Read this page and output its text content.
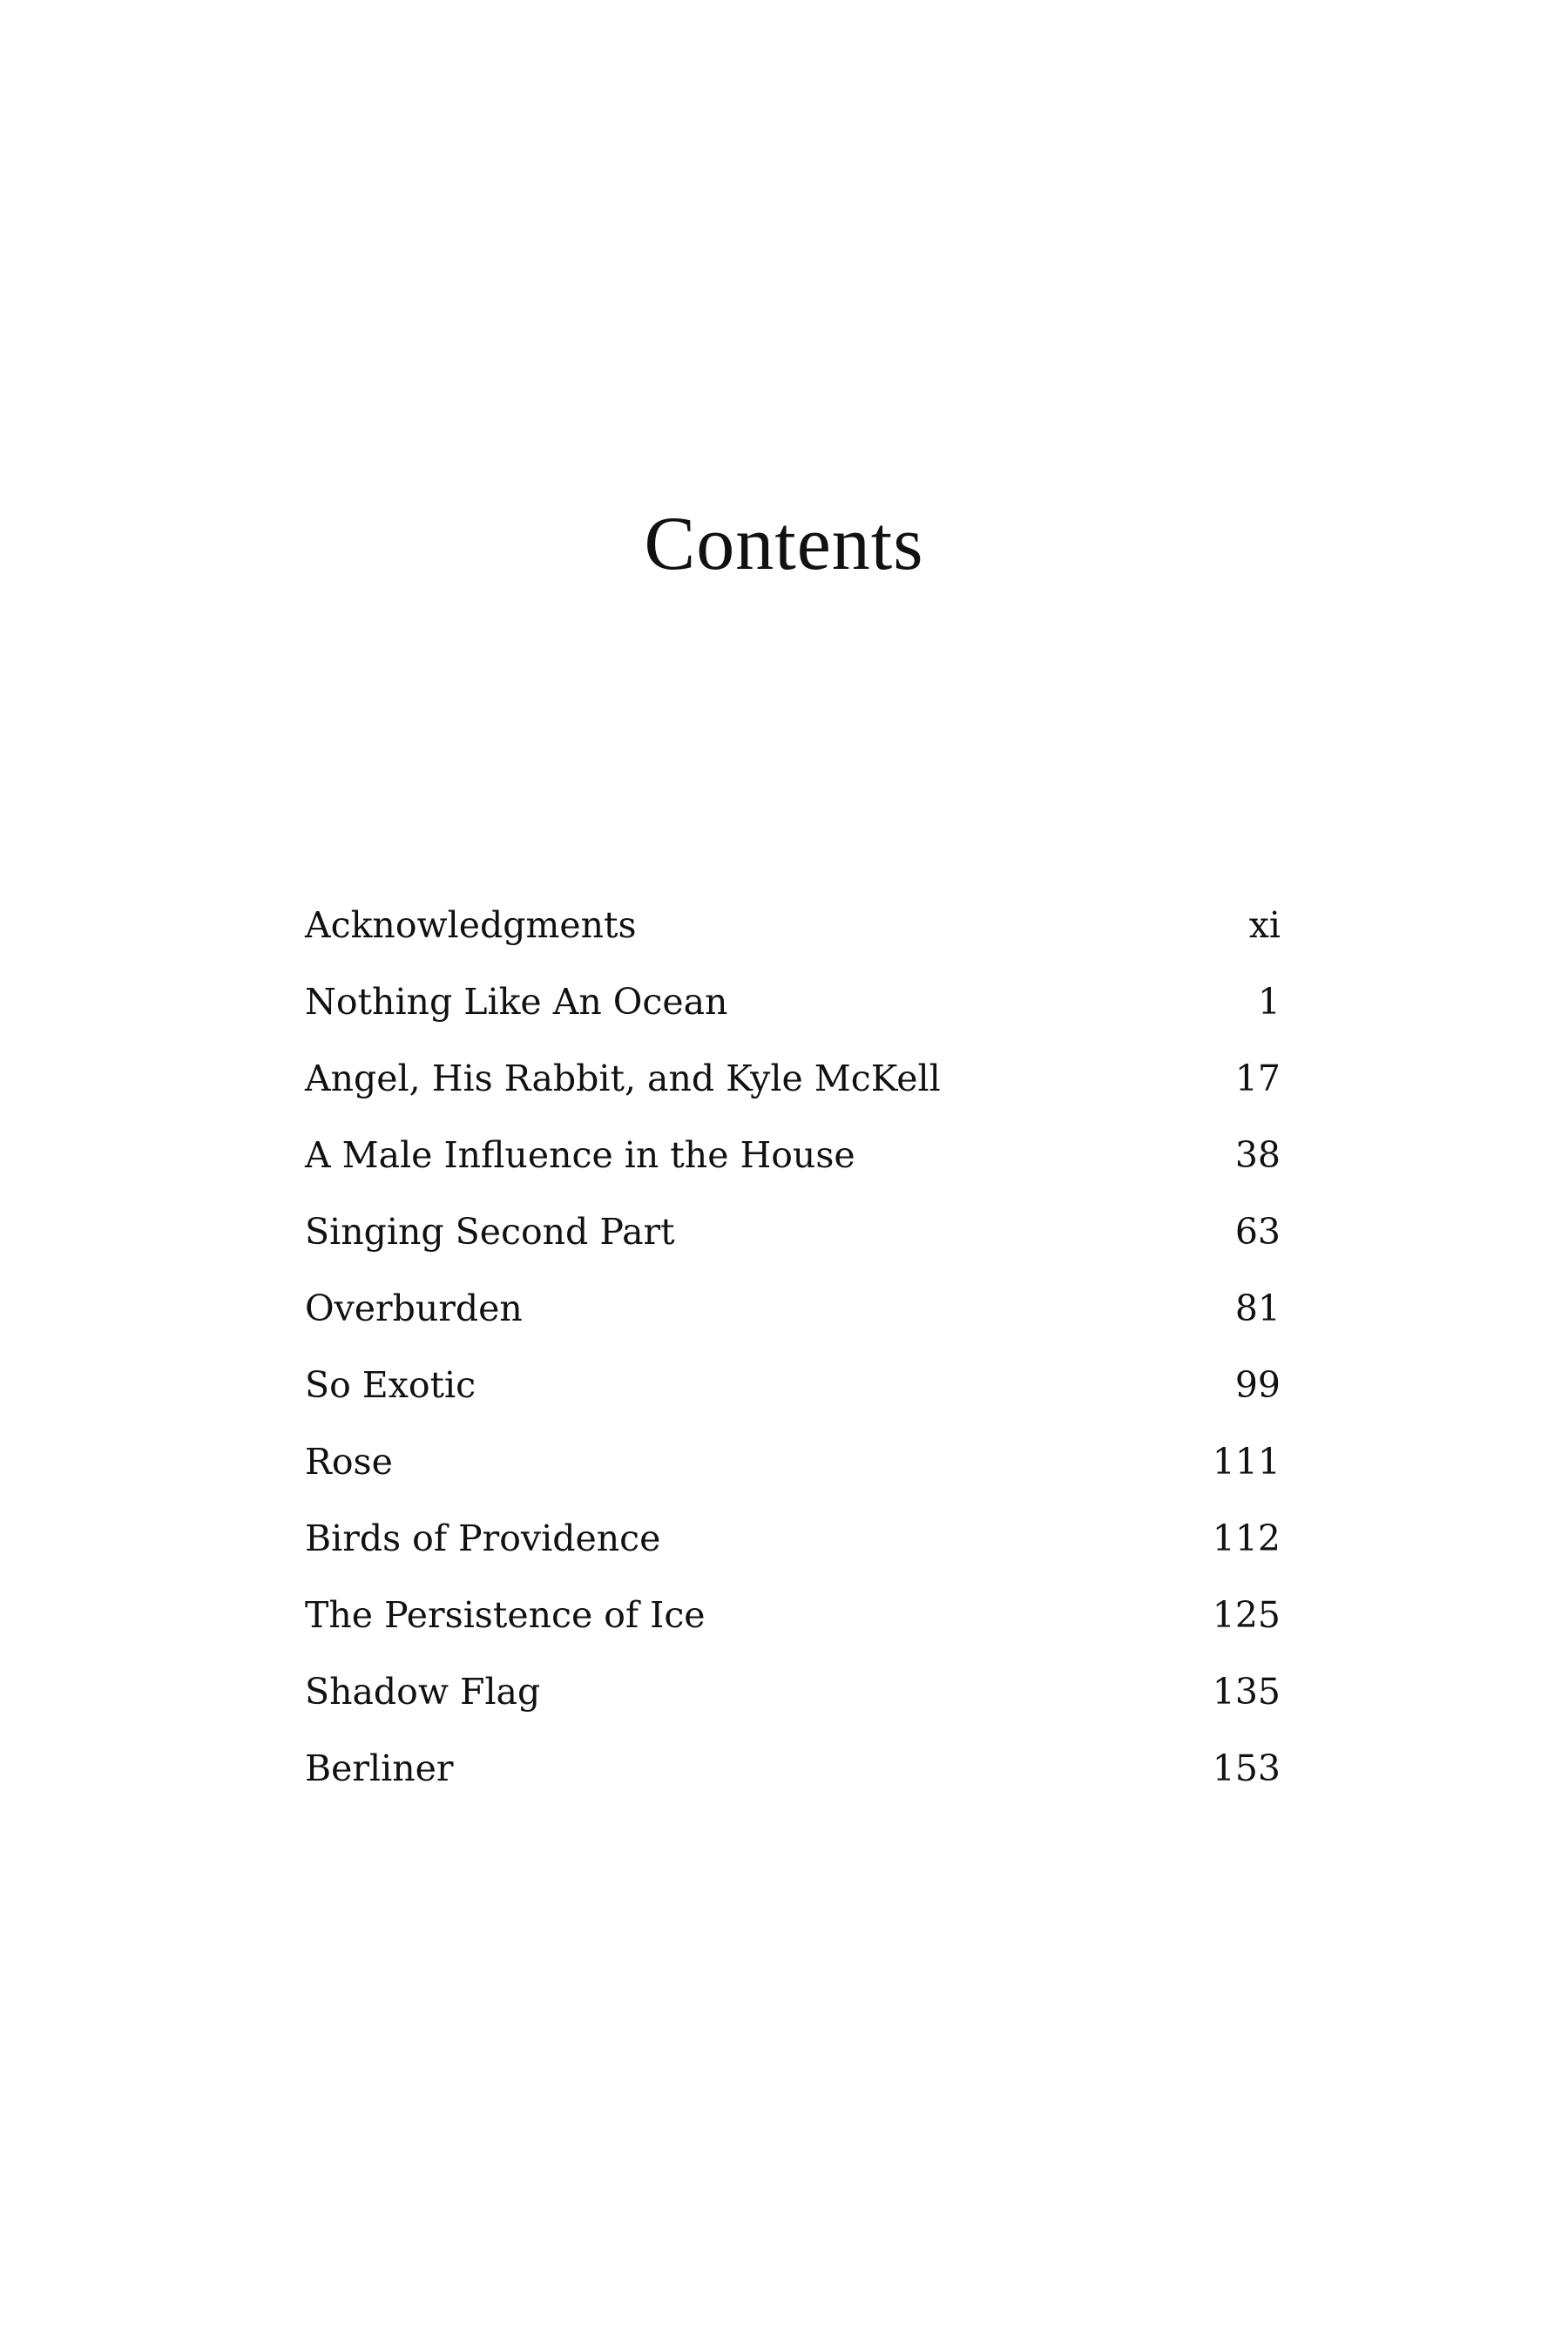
Contents
Acknowledgments	xi
Nothing Like An Ocean	1
Angel, His Rabbit, and Kyle McKell	17
A Male Influence in the House	38
Singing Second Part	63
Overburden	81
So Exotic	99
Rose	111
Birds of Providence	112
The Persistence of Ice	125
Shadow Flag	135
Berliner	153
